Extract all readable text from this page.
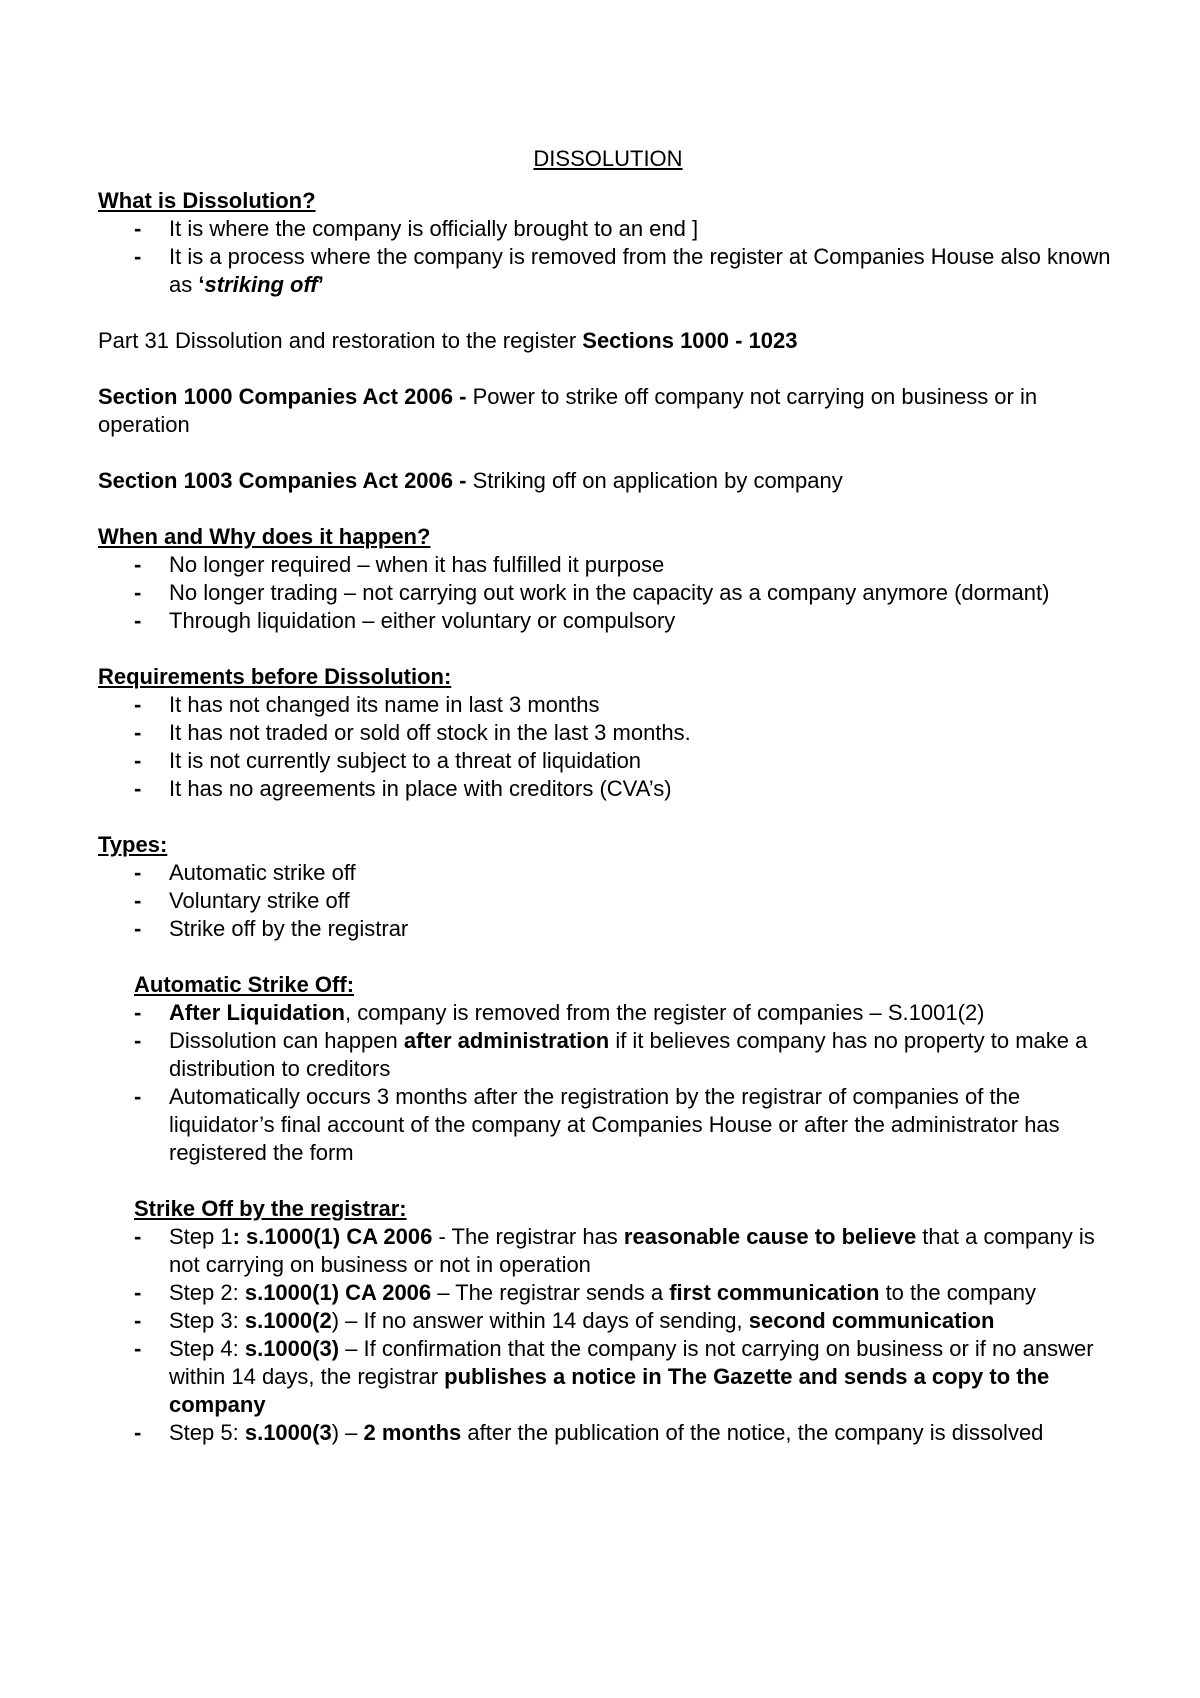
DISSOLUTION
What is Dissolution?
- It is where the company is officially brought to an end ]
- It is a process where the company is removed from the register at Companies House also known as ‘striking off’

Part 31 Dissolution and restoration to the register Sections 1000 - 1023

Section 1000 Companies Act 2006 - Power to strike off company not carrying on business or in operation

Section 1003 Companies Act 2006 - Striking off on application by company

When and Why does it happen?
- No longer required – when it has fulfilled it purpose
- No longer trading – not carrying out work in the capacity as a company anymore (dormant)
- Through liquidation – either voluntary or compulsory
Requirements before Dissolution:
- It has not changed its name in last 3 months
- It has not traded or sold off stock in the last 3 months.
- It is not currently subject to a threat of liquidation
- It has no agreements in place with creditors (CVA’s)
Types:
- Automatic strike off
- Voluntary strike off
- Strike off by the registrar
Automatic Strike Off:
- After Liquidation, company is removed from the register of companies – S.1001(2)
- Dissolution can happen after administration if it believes company has no property to make a distribution to creditors
- Automatically occurs 3 months after the registration by the registrar of companies of the liquidator’s final account of the company at Companies House or after the administrator has registered the form
Strike Off by the registrar:
- Step 1: s.1000(1) CA 2006 - The registrar has reasonable cause to believe that a company is not carrying on business or not in operation
- Step 2: s.1000(1) CA 2006 – The registrar sends a first communication to the company
- Step 3: s.1000(2) – If no answer within 14 days of sending, second communication
- Step 4: s.1000(3) – If confirmation that the company is not carrying on business or if no answer within 14 days, the registrar publishes a notice in The Gazette and sends a copy to the company
- Step 5: s.1000(3) – 2 months after the publication of the notice, the company is dissolved
